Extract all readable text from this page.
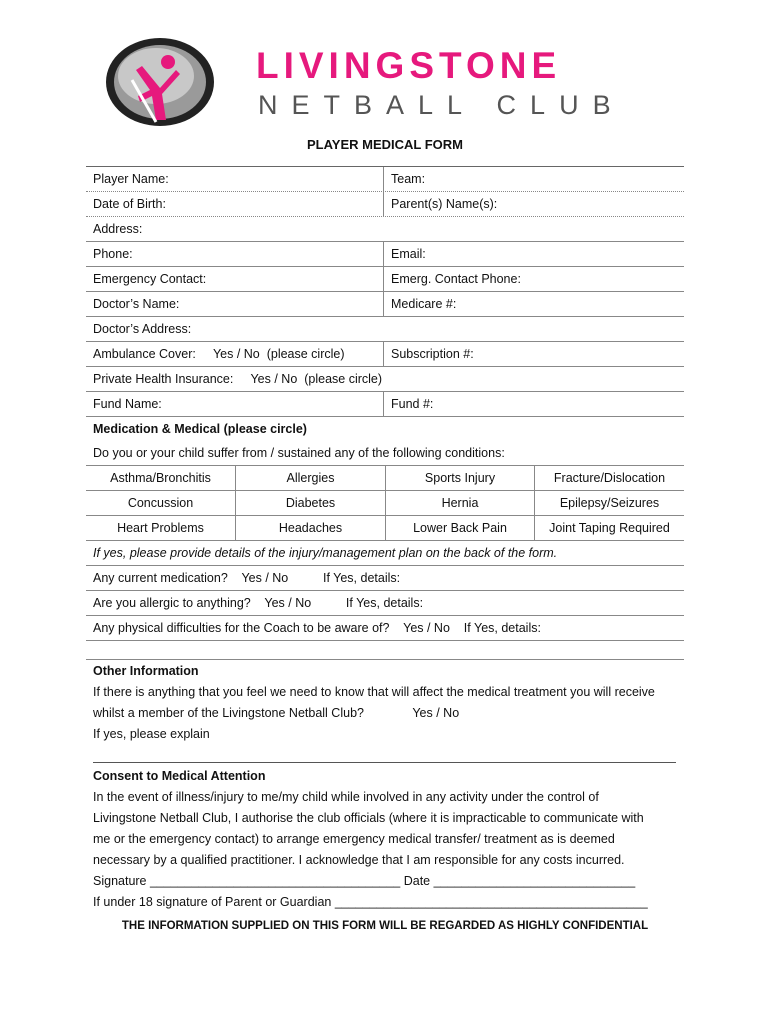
LIVINGSTONE
NETBALL CLUB
PLAYER MEDICAL FORM
Player Name:	Team:
Date of Birth:	Parent(s) Name(s):
Address:
Phone:	Email:
Emergency Contact:	Emerg. Contact Phone:
Doctor’s Name:	Medicare #:
Doctor’s Address:
Ambulance Cover:     Yes / No  (please circle)	Subscription #:
Private Health Insurance:     Yes / No  (please circle)
Fund Name:	Fund #:
Medication & Medical (please circle)
Do you or your child suffer from / sustained any of the following conditions:
Asthma/Bronchitis	Allergies	Sports Injury	Fracture/Dislocation
Concussion	Diabetes	Hernia	Epilepsy/Seizures
Heart Problems	Headaches	Lower Back Pain	Joint Taping Required
If yes, please provide details of the injury/management plan on the back of the form.
Any current medication?    Yes / No          If Yes, details:
Are you allergic to anything?    Yes / No          If Yes, details:
Any physical difficulties for the Coach to be aware of?    Yes / No    If Yes, details:
Other Information
If there is anything that you feel we need to know that will affect the medical treatment you will receive
whilst a member of the Livingstone Netball Club?              Yes / No
If yes, please explain
Consent to Medical Attention
In the event of illness/injury to me/my child while involved in any activity under the control of
Livingstone Netball Club, I authorise the club officials (where it is impracticable to communicate with
me or the emergency contact) to arrange emergency medical transfer/ treatment as is deemed
necessary by a qualified practitioner. I acknowledge that I am responsible for any costs incurred.
Signature ____________________________________ Date _____________________________
If under 18 signature of Parent or Guardian _____________________________________________
THE INFORMATION SUPPLIED ON THIS FORM WILL BE REGARDED AS HIGHLY CONFIDENTIAL
